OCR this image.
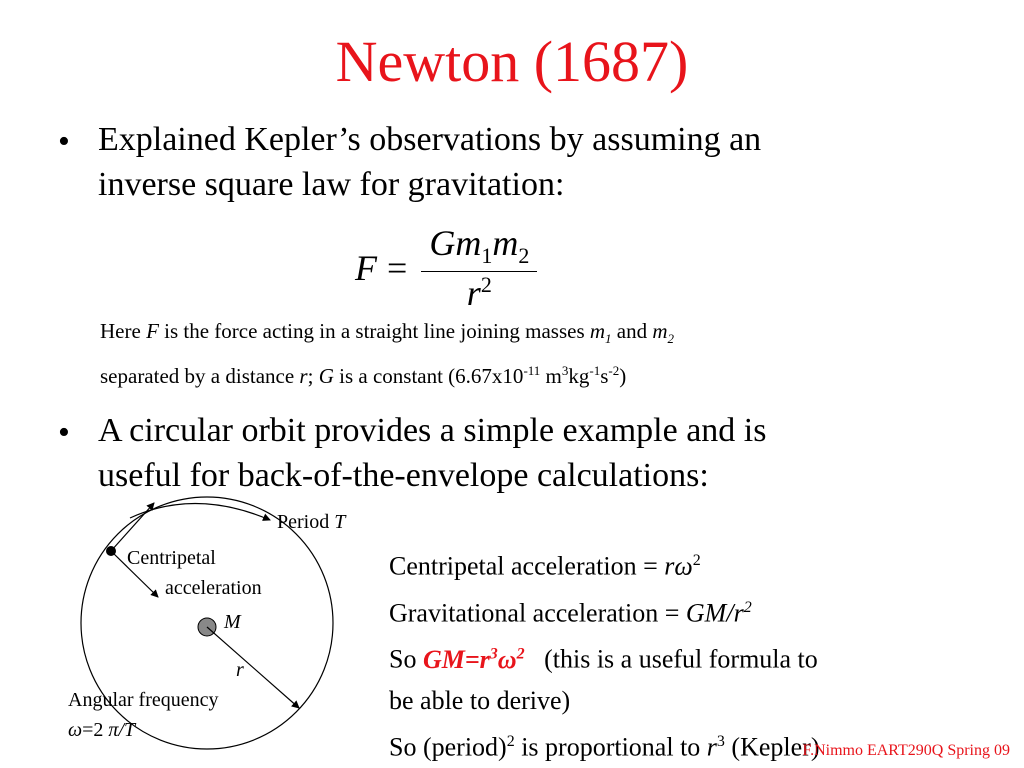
Newton (1687)
• Explained Kepler’s observations by assuming an
inverse square law for gravitation:
$F = \frac{Gm_1m_2}{r^2}$
Here F is the force acting in a straight line joining masses $m_1$ and $m_2$
separated by a distance r; G is a constant ($6.67x10^{-11}$ $m^3kg^{-1}s^{-2}$)
• A circular orbit provides a simple example and is
useful for back-of-the-envelope calculations:
Period T
Centripetal
acceleration
M
r
Angular frequency
ω=2 π/T
Centripetal acceleration = $r\omega^2$
Gravitational acceleration = $GM/r^2$
So $GM=r^3\omega^2$   (this is a useful formula to
be able to derive)
So (period)$^2$ is proportional to $r^3$ (Kepler)
F.Nimmo EART290Q Spring 09
